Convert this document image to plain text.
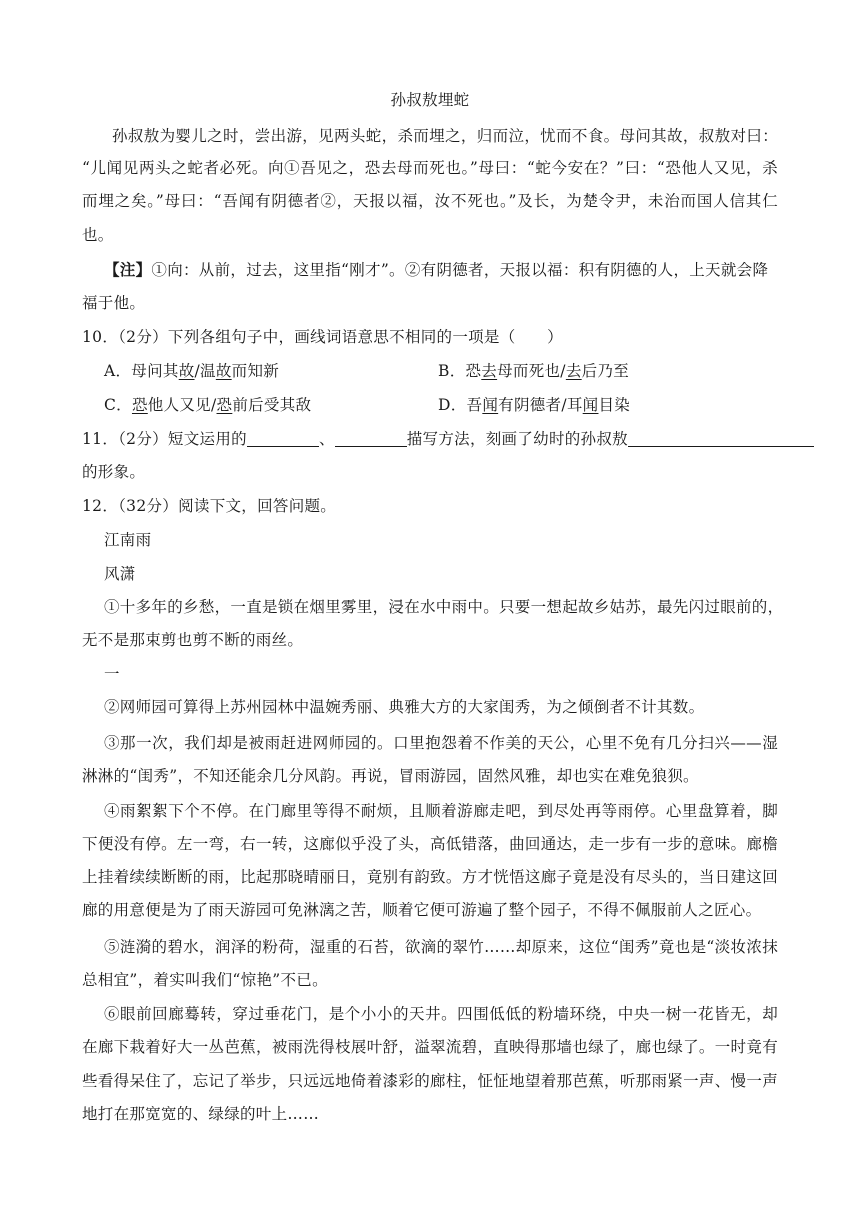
孙叔敖埋蛇
孙叔敖为婴儿之时，尝出游，见两头蛇，杀而埋之，归而泣，忧而不食。母问其故，叔敖对曰：
“儿闻见两头之蛇者必死。向①吾见之，恐去母而死也。”母曰：“蛇今安在？”曰：“恐他人又见，杀
而埋之矣。”母曰：“吾闻有阴德者②，天报以福，汝不死也。”及长，为楚令尹，未治而国人信其仁
也。
【注】①向：从前，过去，这里指“刚才”。②有阴德者，天报以福：积有阴德的人，上天就会降
福于他。
10．（2分）下列各组句子中，画线词语意思不相同的一项是（　　）
A．母问其故/温故而知新	B．恐去母而死也/去后乃至
C．恐他人又见/恐前后受其敌	D．吾闻有阴德者/耳闻目染
11．（2分）短文运用的	、	描写方法，刻画了幼时的孙叔敖
的形象。
12．（32分）阅读下文，回答问题。
江南雨
风潇
①十多年的乡愁，一直是锁在烟里雾里，浸在水中雨中。只要一想起故乡姑苏，最先闪过眼前的，
无不是那束剪也剪不断的雨丝。
一
②网师园可算得上苏州园林中温婉秀丽、典雅大方的大家闺秀，为之倾倒者不计其数。
③那一次，我们却是被雨赶进网师园的。口里抱怨着不作美的天公，心里不免有几分扫兴——湿
淋淋的“闺秀”，不知还能余几分风韵。再说，冒雨游园，固然风雅，却也实在难免狼狈。
④雨絮絮下个不停。在门廊里等得不耐烦，且顺着游廊走吧，到尽处再等雨停。心里盘算着，脚
下便没有停。左一弯，右一转，这廊似乎没了头，高低错落，曲回通达，走一步有一步的意味。廊檐
上挂着续续断断的雨，比起那晓晴丽日，竟别有韵致。方才恍悟这廊子竟是没有尽头的，当日建这回
廊的用意便是为了雨天游园可免淋漓之苦，顺着它便可游遍了整个园子，不得不佩服前人之匠心。
⑤涟漪的碧水，润泽的粉荷，湿重的石苔，欲滴的翠竹……却原来，这位“闺秀”竟也是“淡妆浓抹
总相宜”，着实叫我们“惊艳”不已。
⑥眼前回廊蓦转，穿过垂花门，是个小小的天井。四围低低的粉墙环绕，中央一树一花皆无，却
在廊下栽着好大一丛芭蕉，被雨洗得枝展叶舒，溢翠流碧，直映得那墙也绿了，廊也绿了。一时竟有
些看得呆住了，忘记了举步，只远远地倚着漆彩的廊柱，怔怔地望着那芭蕉，听那雨紧一声、慢一声
地打在那宽宽的、绿绿的叶上……
